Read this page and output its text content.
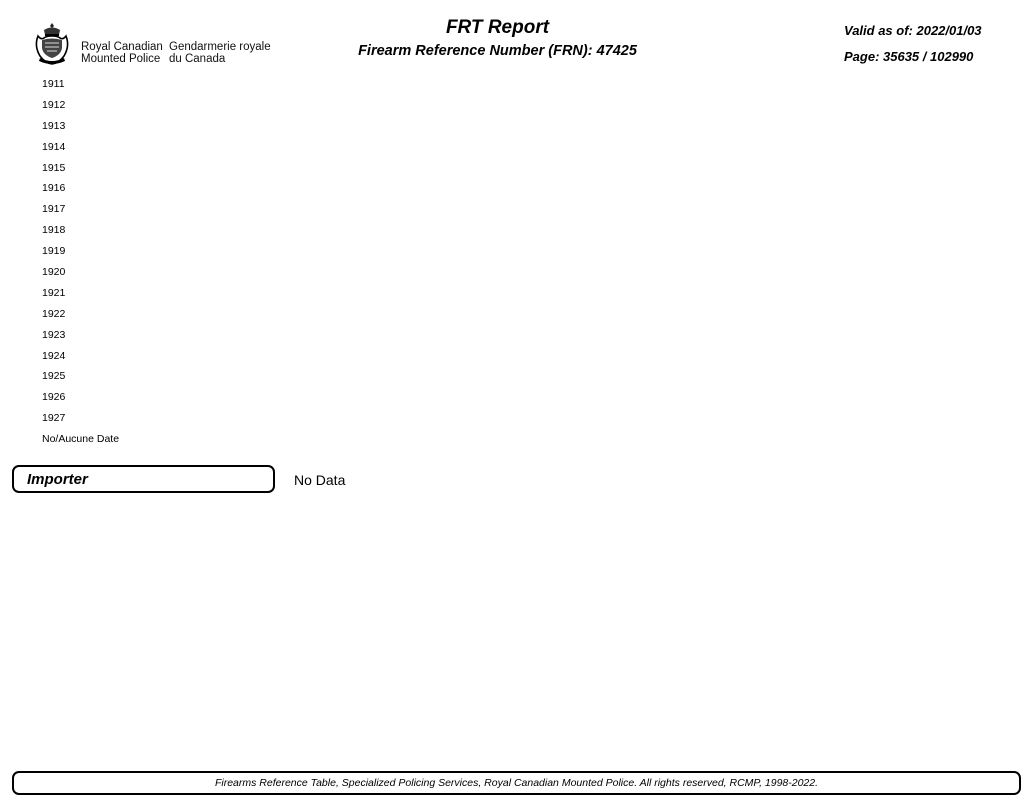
Royal Canadian
Mounted Police
Gendarmerie royale
du Canada
FRT Report
Firearm Reference Number (FRN): 47425
Valid as of: 2022/01/03
Page: 35635 / 102990
1911
1912
1913
1914
1915
1916
1917
1918
1919
1920
1921
1922
1923
1924
1925
1926
1927
No/Aucune Date
Importer	No Data
Firearms Reference Table, Specialized Policing Services, Royal Canadian Mounted Police. All rights reserved, RCMP, 1998-2022.
